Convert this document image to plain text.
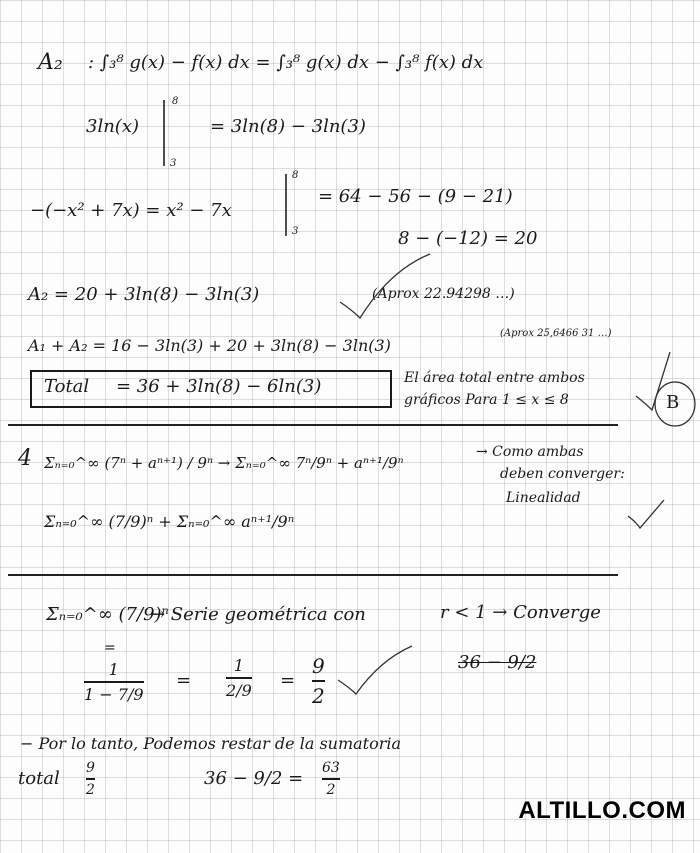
A₂ : ∫₃⁸ g(x) − f(x) dx = ∫₃⁸ g(x) dx − ∫₃⁸ f(x) dx
3ln(x)
8
3
= 3ln(8) − 3ln(3)
−(−x² + 7x) = x² − 7x
8
3
= 64 − 56 − (9 − 21)
8 − (−12) = 20
A₂ = 20 + 3ln(8) − 3ln(3)	(Aprox 22.94298 …)
A₁ + A₂ = 16 − 3ln(3) + 20 + 3ln(8) − 3ln(3)
(Aprox 25,6466 31 …)
Total = 36 + 3ln(8) − 6ln(3)	El área total entre ambos
gráficos Para 1 ≤ x ≤ 8
4 Σₙ₌₀^∞ (7ⁿ + aⁿ⁺¹) / 9ⁿ → Σₙ₌₀^∞ 7ⁿ/9ⁿ + aⁿ⁺¹/9ⁿ
→ Como ambas
deben converger:
Linealidad
Σₙ₌₀^∞ (7/9)ⁿ + Σₙ₌₀^∞ aⁿ⁺¹/9ⁿ
Σₙ₌₀^∞ (7/9)ⁿ
→ Serie geométrica con	r < 1 → Converge
=
1
1 − 7/9
=
1
2/9 =
9
2
36 − 9/2
− Por lo tanto, Podemos restar de la sumatoria
total 9
2
36 − 9/2 = 63
2
B
ALTILLO.COM
